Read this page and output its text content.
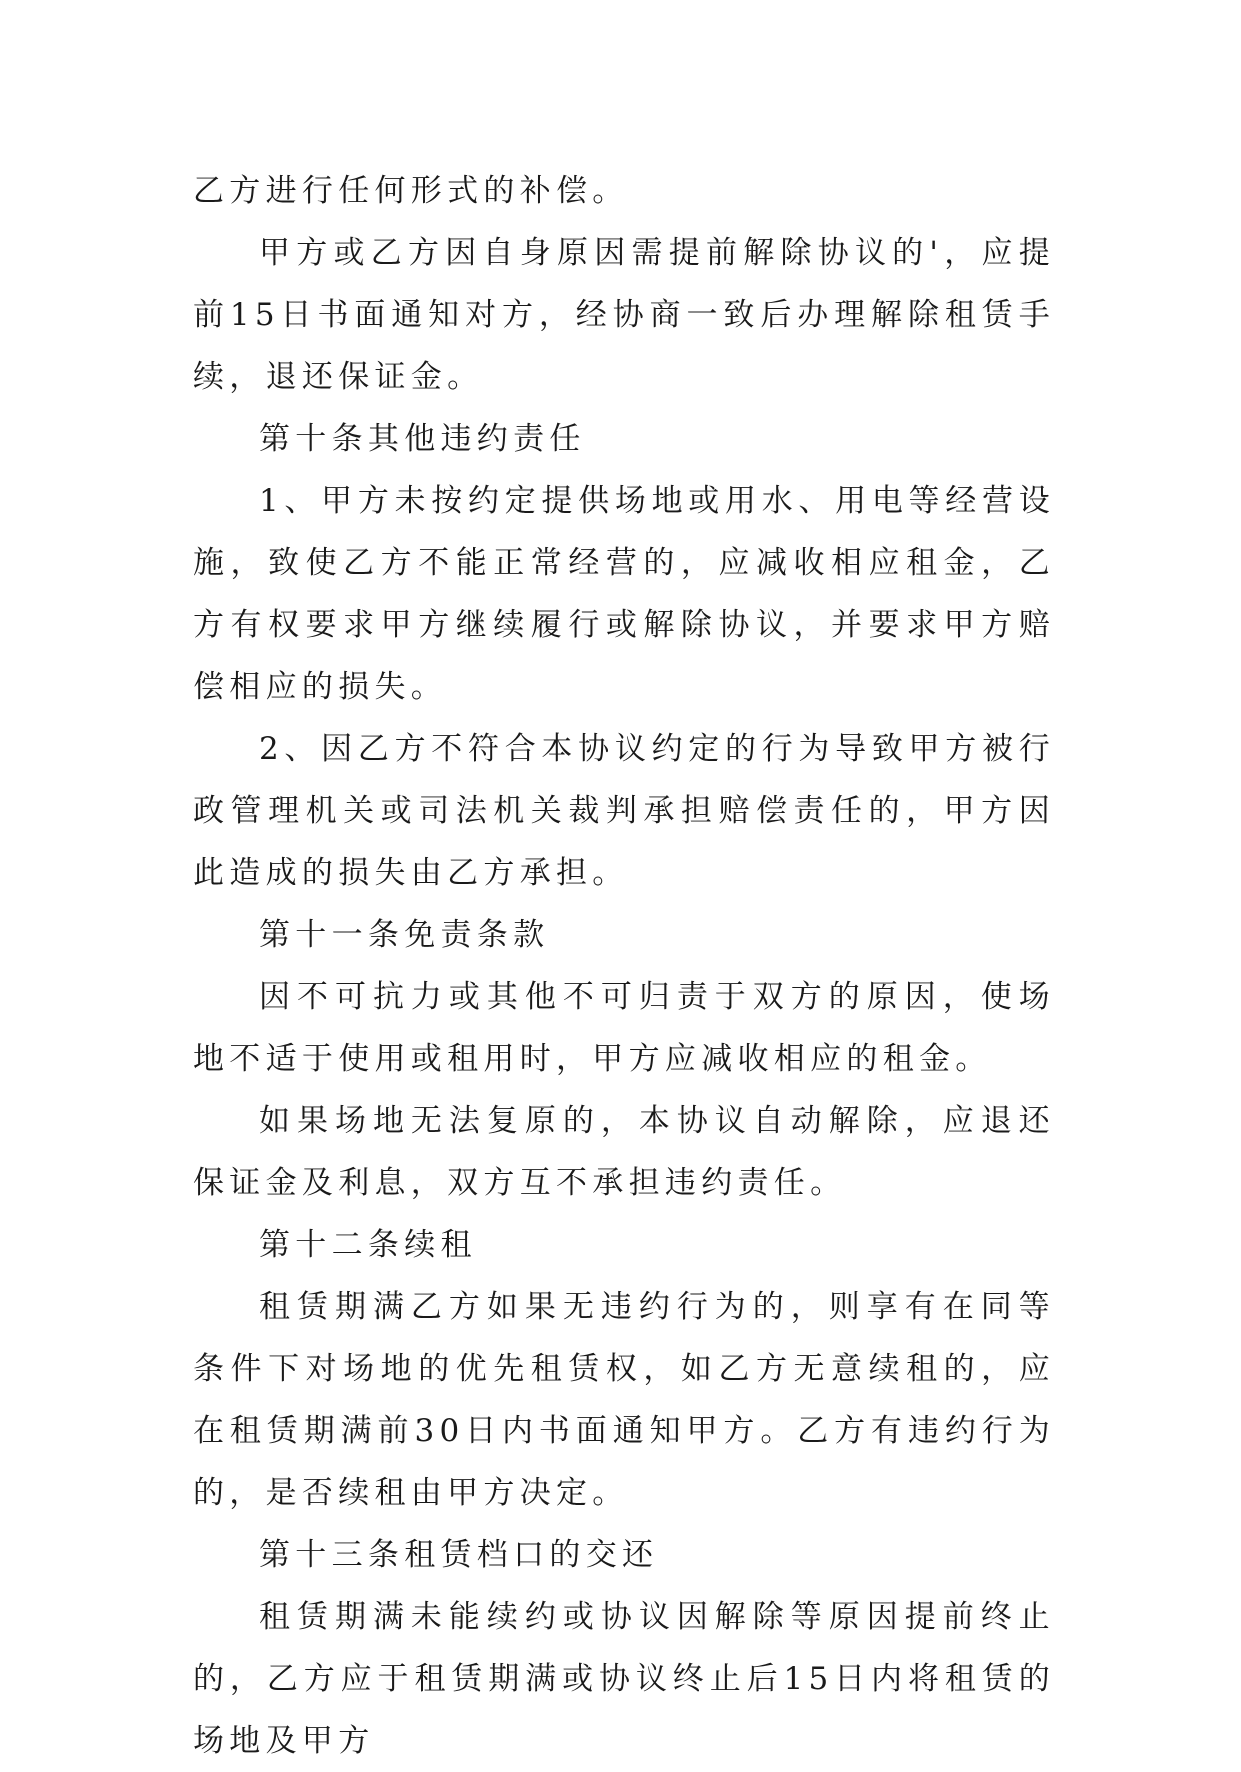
乙方进行任何形式的补偿。

甲方或乙方因自身原因需提前解除协议的'，应提前15日书面通知对方，经协商一致后办理解除租赁手续，退还保证金。

第十条其他违约责任

1、甲方未按约定提供场地或用水、用电等经营设施，致使乙方不能正常经营的，应减收相应租金，乙方有权要求甲方继续履行或解除协议，并要求甲方赔偿相应的损失。

2、因乙方不符合本协议约定的行为导致甲方被行政管理机关或司法机关裁判承担赔偿责任的，甲方因此造成的损失由乙方承担。

第十一条免责条款

因不可抗力或其他不可归责于双方的原因，使场地不适于使用或租用时，甲方应减收相应的租金。

如果场地无法复原的，本协议自动解除，应退还保证金及利息，双方互不承担违约责任。

第十二条续租

租赁期满乙方如果无违约行为的，则享有在同等条件下对场地的优先租赁权，如乙方无意续租的，应在租赁期满前30日内书面通知甲方。乙方有违约行为的，是否续租由甲方决定。

第十三条租赁档口的交还

租赁期满未能续约或协议因解除等原因提前终止的，乙方应于租赁期满或协议终止后15日内将租赁的场地及甲方
